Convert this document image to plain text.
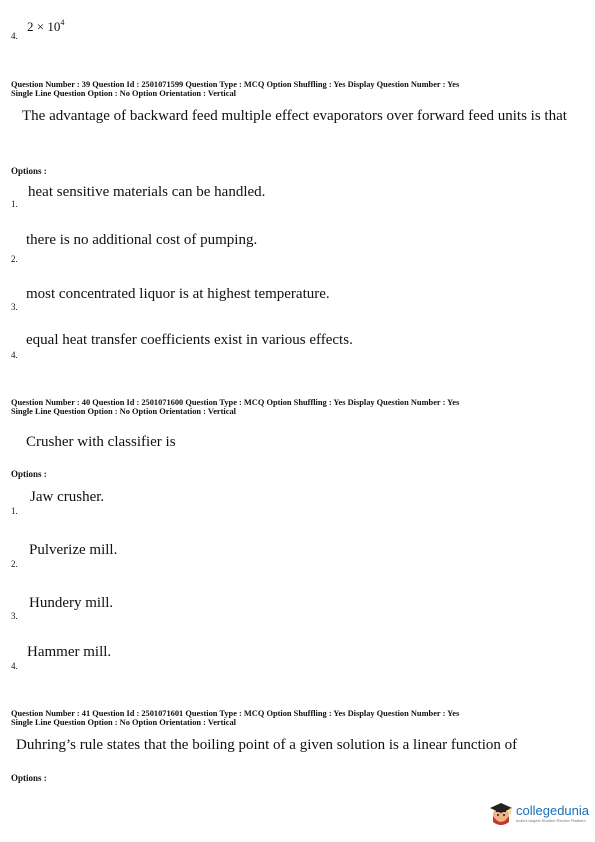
4.
$2 \times 10^4$
Question Number : 39 Question Id : 2501071599 Question Type : MCQ Option Shuffling : Yes Display Question Number : Yes
Single Line Question Option : No Option Orientation : Vertical
The advantage of backward feed multiple effect evaporators over forward feed units is that
Options :
1.
heat sensitive materials can be handled.
2.
there is no additional cost of pumping.
3.
most concentrated liquor is at highest temperature.
4.
equal heat transfer coefficients exist in various effects.
Question Number : 40 Question Id : 2501071600 Question Type : MCQ Option Shuffling : Yes Display Question Number : Yes
Single Line Question Option : No Option Orientation : Vertical
Crusher with classifier is
Options :
1.
Jaw crusher.
2.
Pulverize mill.
3.
Hundery mill.
4.
Hammer mill.
Question Number : 41 Question Id : 2501071601 Question Type : MCQ Option Shuffling : Yes Display Question Number : Yes
Single Line Question Option : No Option Orientation : Vertical
Duhring’s rule states that the boiling point of a given solution is a linear function of
Options :
collegedunia
India's largest Student Review Platform
